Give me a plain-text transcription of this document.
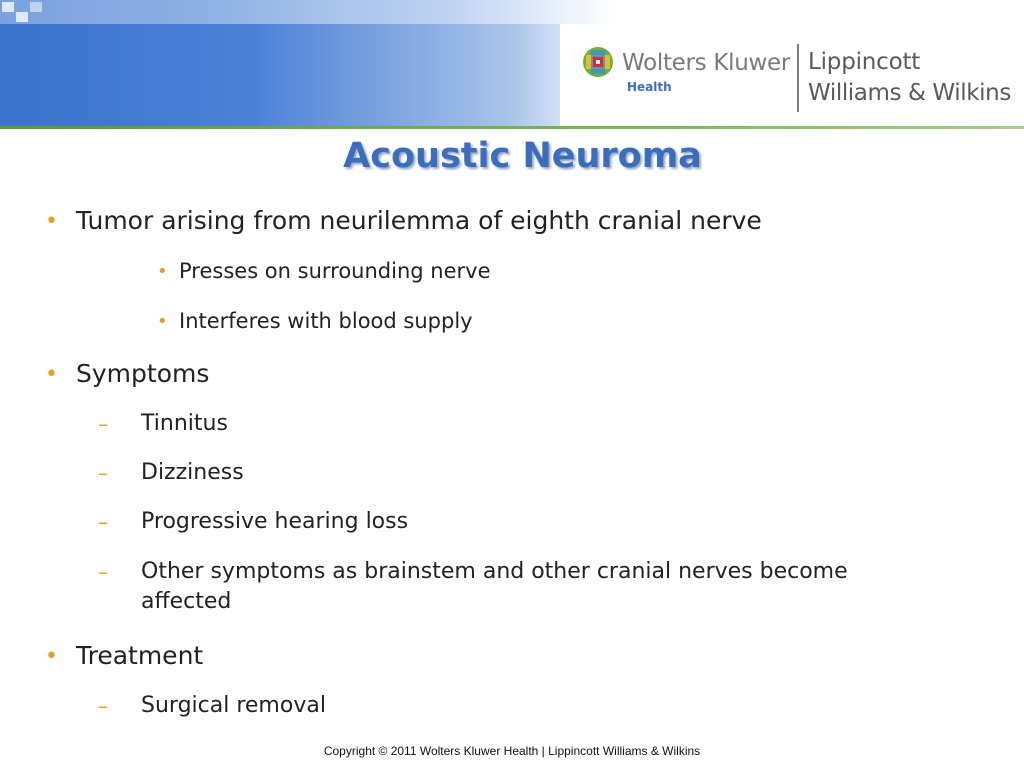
Wolters Kluwer
Health
Lippincott
Williams & Wilkins
Acoustic Neuroma
• Tumor arising from neurilemma of eighth cranial nerve
• Presses on surrounding nerve
• Interferes with blood supply
• Symptoms
– Tinnitus
– Dizziness
– Progressive hearing loss
– Other symptoms as brainstem and other cranial nerves become
affected
• Treatment
– Surgical removal
Copyright © 2011 Wolters Kluwer Health | Lippincott Williams & Wilkins
